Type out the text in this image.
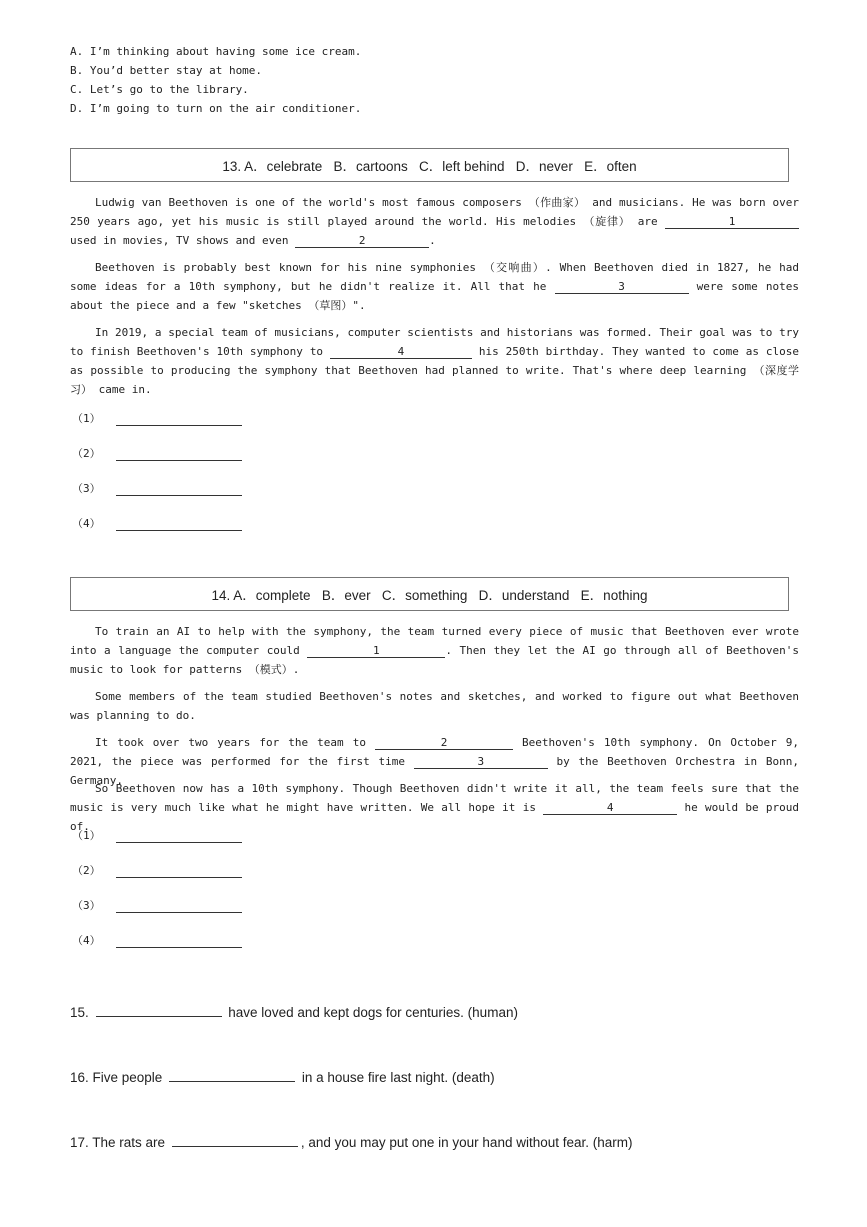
A. I’m thinking about having some ice cream.
B. You’d better stay at home.
C. Let’s go to the library.
D. I’m going to turn on the air conditioner.
13. A．celebrate   B．cartoons   C．left behind   D．never   E．often

Ludwig van Beethoven is one of the world's most famous composers （作曲家） and musicians. He was born over 250 years ago, yet his music is still played around the world. His melodies （旋律） are	1 used in movies, TV shows and even	2	.

Beethoven is probably best known for his nine symphonies （交响曲）. When Beethoven died in 1827, he had some ideas for a 10th symphony, but he didn't realize it. All that he	3	were some notes about the piece and a few "sketches （草图）".

In 2019, a special team of musicians, computer scientists and historians was formed. Their goal was to try to finish Beethoven's 10th symphony to	4	his 250th birthday. They wanted to come as close as possible to producing the symphony that Beethoven had planned to write. That's where deep learning （深度学习） came in.

（1）
（2）
（3）
（4）
14. A．complete   B．ever   C．something   D．understand   E．nothing

To train an AI to help with the symphony, the team turned every piece of music that Beethoven ever wrote into a language the computer could	1	. Then they let the AI go through all of Beethoven's music to look for patterns （模式）.

Some members of the team studied Beethoven's notes and sketches, and worked to figure out what Beethoven was planning to do.

It took over two years for the team to	2	Beethoven's 10th symphony. On October 9, 2021, the piece was performed for the first time	3	by the Beethoven Orchestra in Bonn, Germany.

So Beethoven now has a 10th symphony. Though Beethoven didn't write it all, the team feels sure that the music is very much like what he might have written. We all hope it is	4	he would be proud of.

（1）
（2）
（3）
（4）
15.	have loved and kept dogs for centuries. (human)
16. Five people	in a house fire last night. (death)
17. The rats are	, and you may put one in your hand without fear. (harm)
